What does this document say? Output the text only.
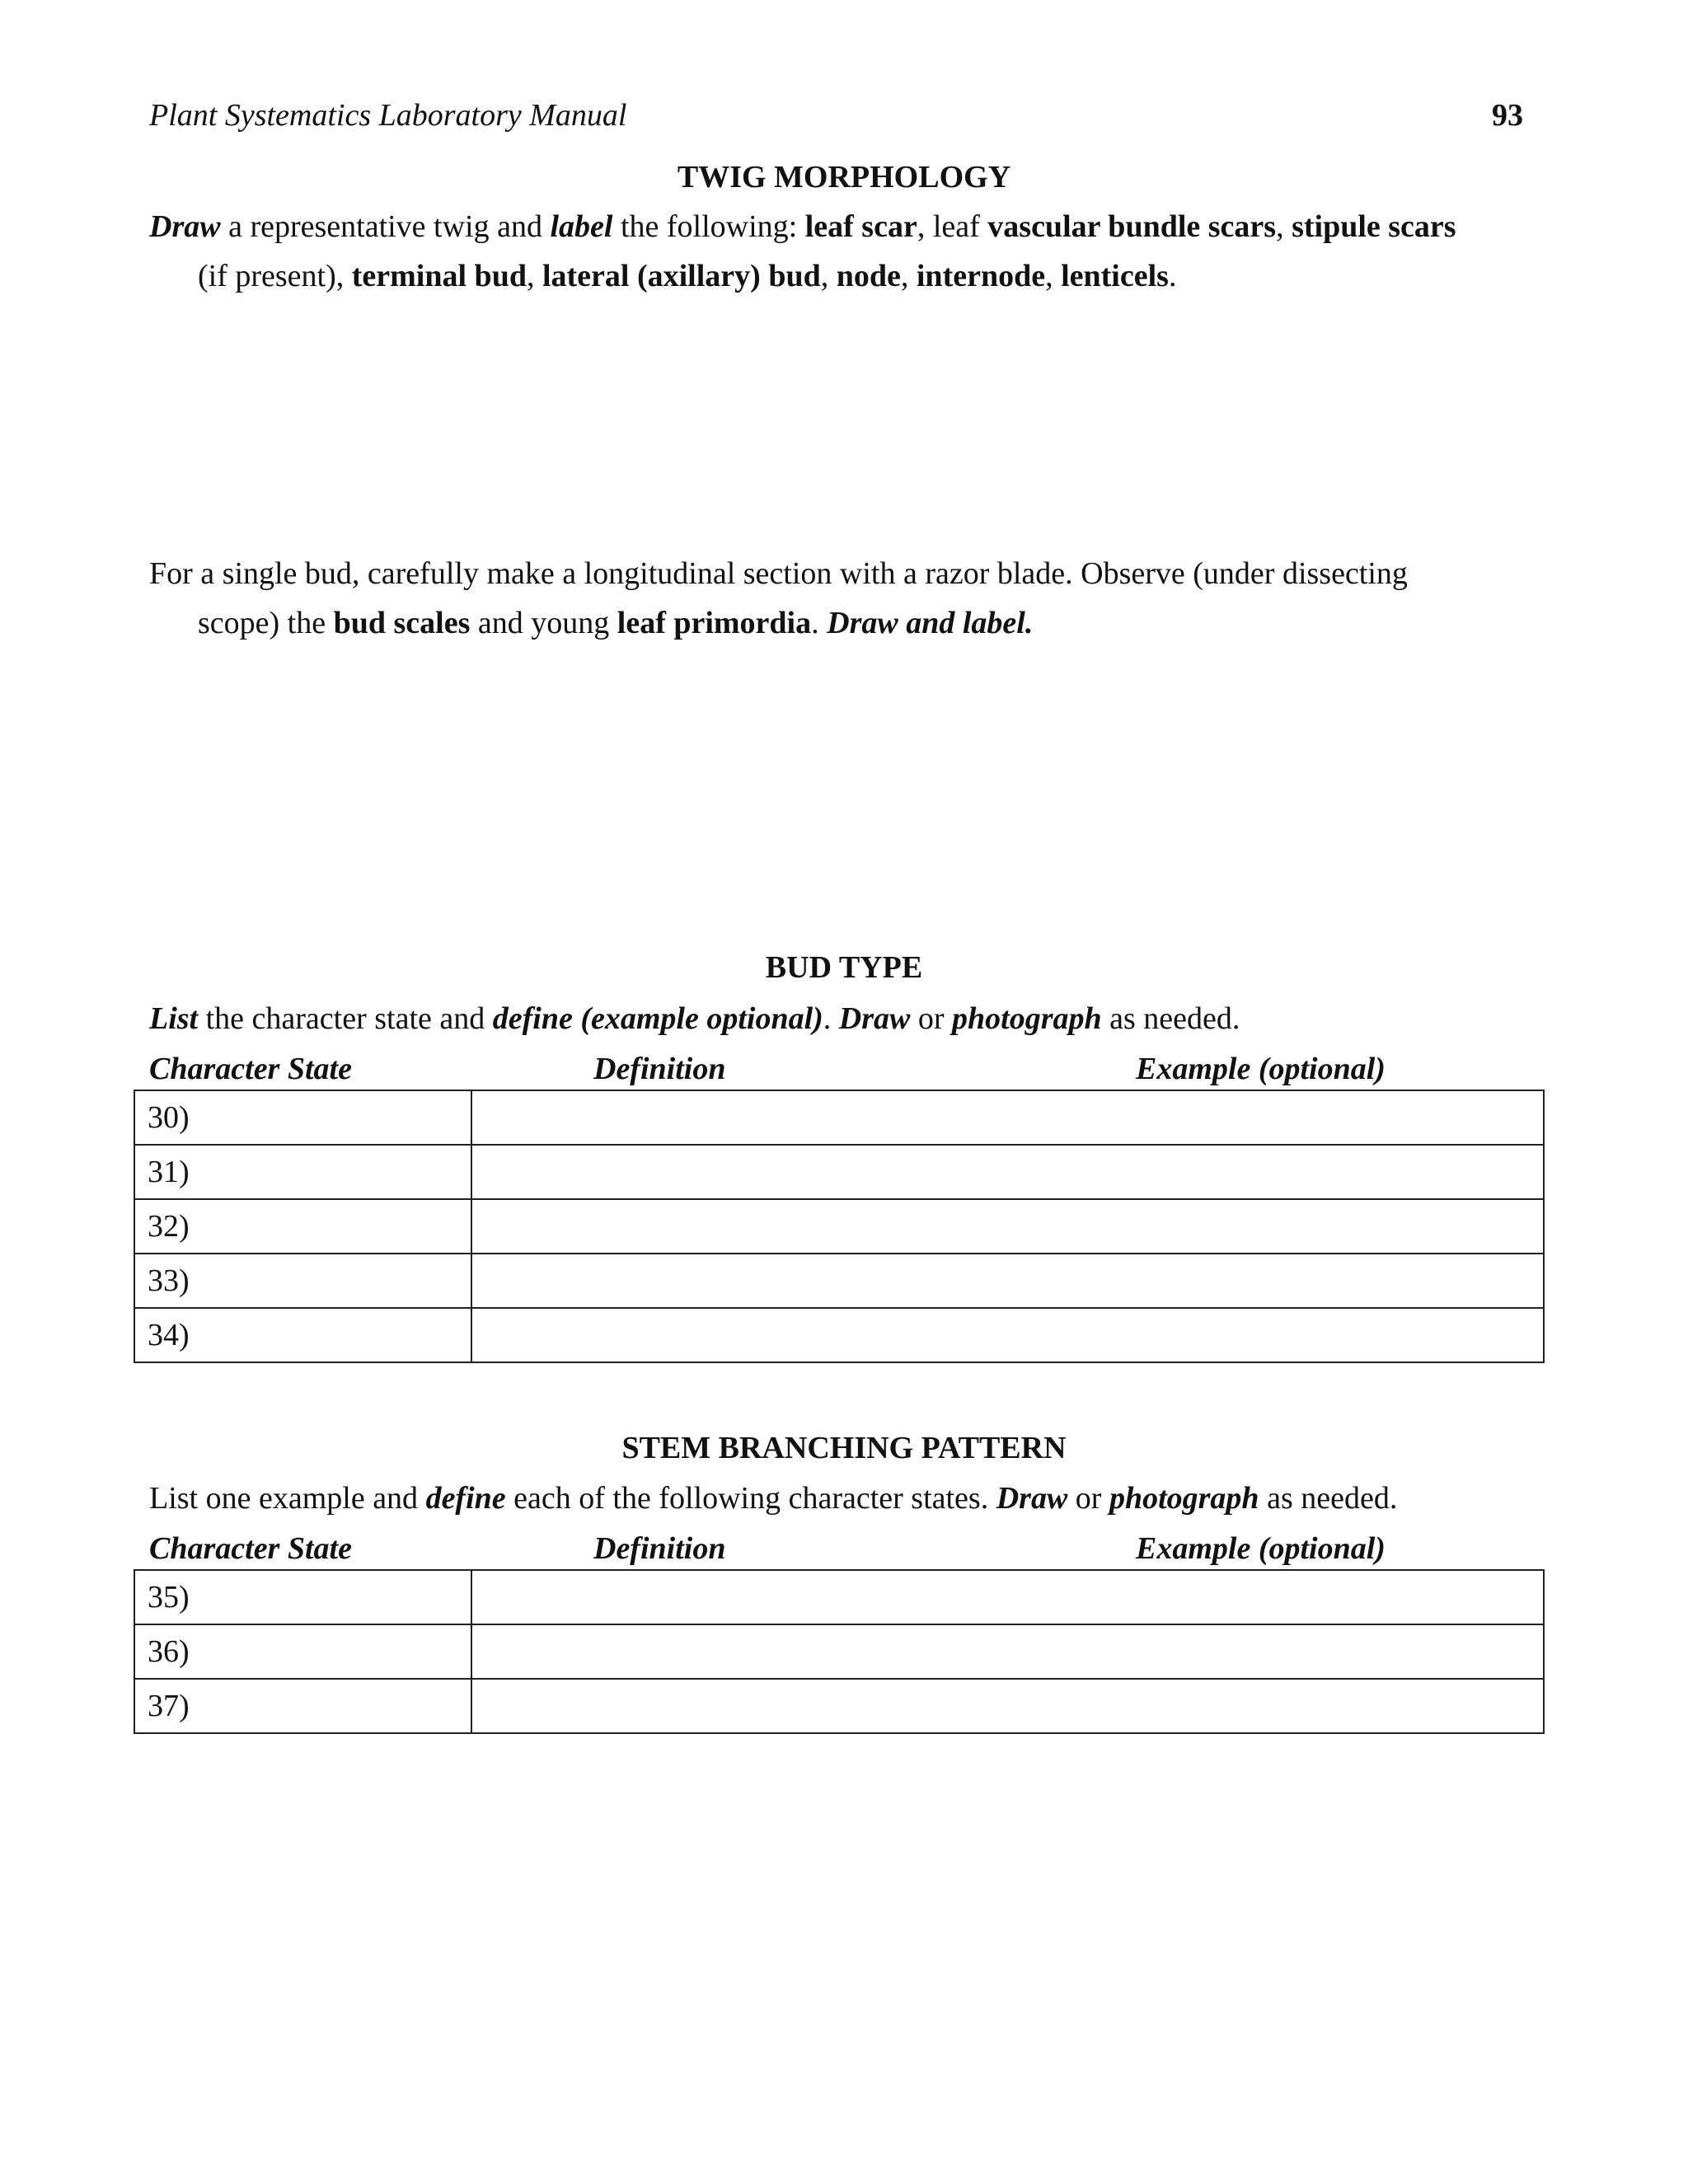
Plant Systematics Laboratory Manual	93
TWIG MORPHOLOGY
Draw a representative twig and label the following: leaf scar, leaf vascular bundle scars, stipule scars
(if present), terminal bud, lateral (axillary) bud, node, internode, lenticels.
For a single bud, carefully make a longitudinal section with a razor blade. Observe (under dissecting
scope) the bud scales and young leaf primordia. Draw and label.
BUD TYPE
List the character state and define (example optional). Draw or photograph as needed.
Character State	Definition	Example (optional)
30)	
31)	
32)	
33)	
34)	
STEM BRANCHING PATTERN
List one example and define each of the following character states. Draw or photograph as needed.
Character State	Definition	Example (optional)
35)	
36)	
37)	
